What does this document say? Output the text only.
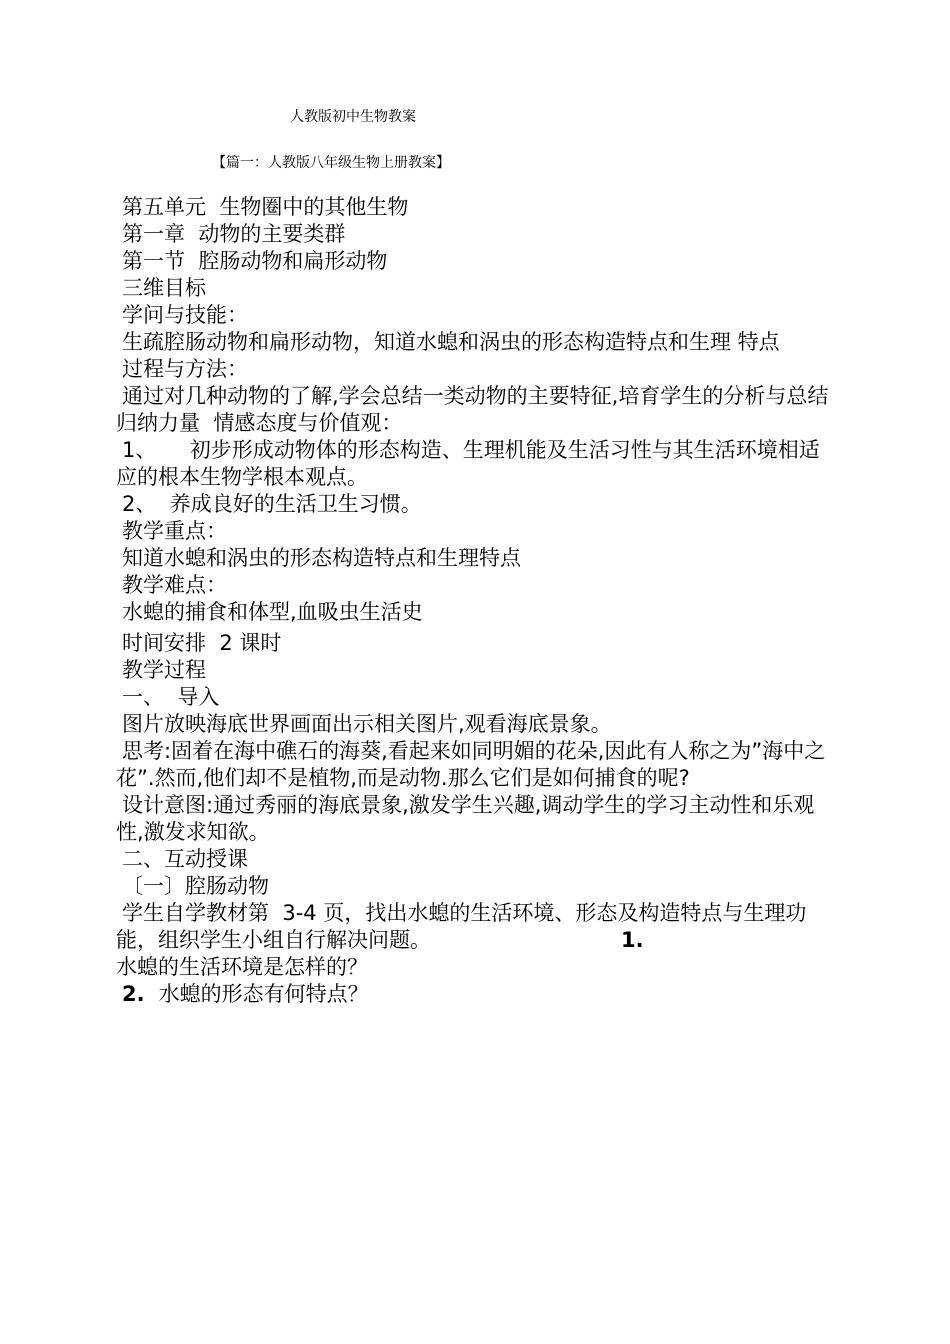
人教版初中生物教案
【篇一：人教版八年级生物上册教案】

第五单元  生物圈中的其他生物

第一章  动物的主要类群

第一节  腔肠动物和扁形动物

三维目标

学问与技能：

生疏腔肠动物和扁形动物，知道水螅和涡虫的形态构造特点和生理 特点

过程与方法：

通过对几种动物的了解,学会总结一类动物的主要特征,培育学生的分析与总结归纳力量  情感态度与价值观：

1、     初步形成动物体的形态构造、生理机能及生活习性与其生活环境相适应的根本生物学根本观点。

2、  养成良好的生活卫生习惯。

教学重点：

知道水螅和涡虫的形态构造特点和生理特点

教学难点：

水螅的捕食和体型,血吸虫生活史

时间安排  2 课时

教学过程

一、  导入

图片放映海底世界画面出示相关图片,观看海底景象。

思考:固着在海中礁石的海葵,看起来如同明媚的花朵,因此有人称之为”海中之花”.然而,他们却不是植物,而是动物.那么它们是如何捕食的呢?

设计意图:通过秀丽的海底景象,激发学生兴趣,调动学生的学习主动性和乐观性,激发求知欲。

二、互动授课

〔一〕腔肠动物

学生自学教材第  3-4 页，找出水螅的生活环境、形态及构造特点与生理功能，组织学生小组自行解决问题。	1.

水螅的生活环境是怎样的？

2. 水螅的形态有何特点？
